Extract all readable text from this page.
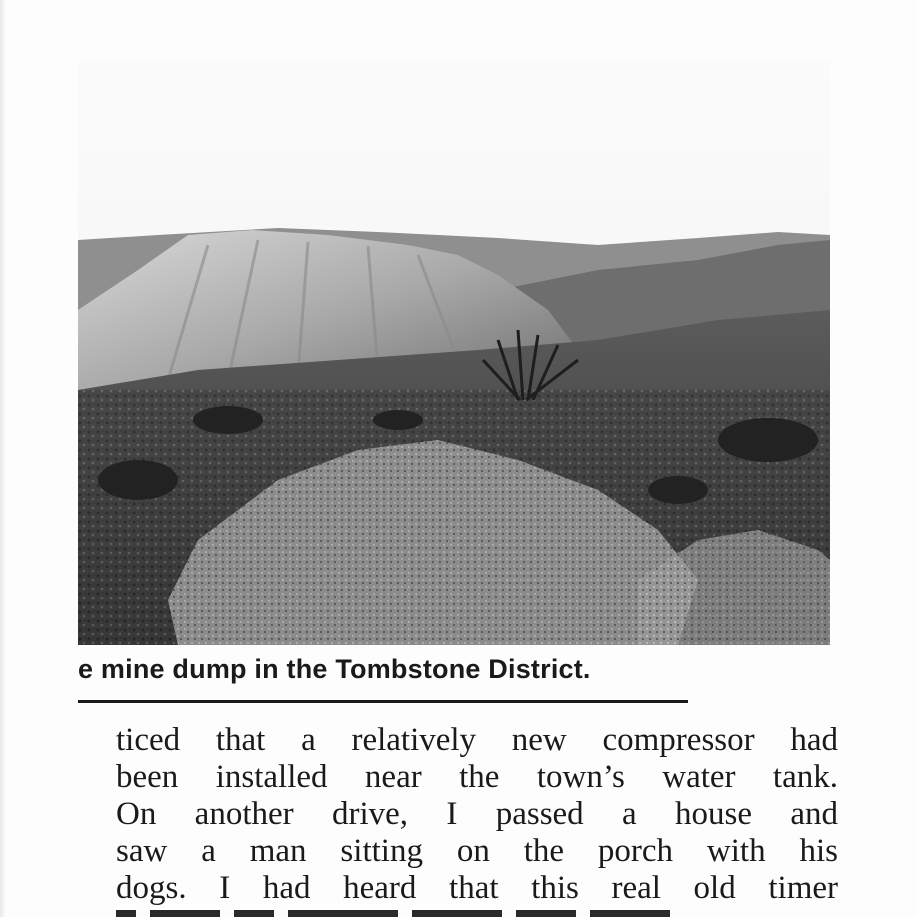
e mine dump in the Tombstone District.
ticed that a relatively new compressor had
been installed near the town’s water tank.
On another drive, I passed a house and
saw a man sitting on the porch with his
dogs. I had heard that this real old timer
